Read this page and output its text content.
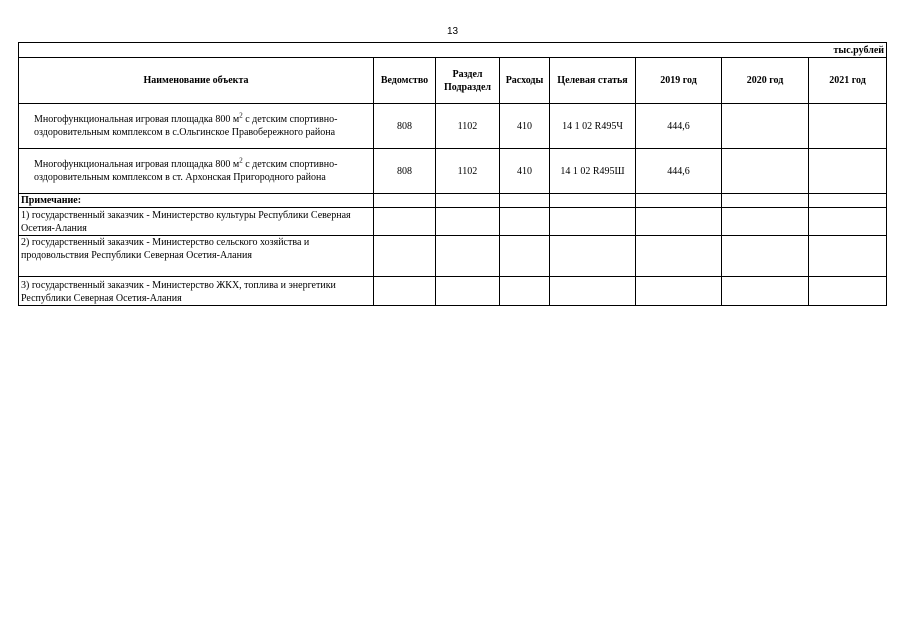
13
тыс.рублей							
Наименование объекта	Ведомство	Раздел Подраздел	Расходы	Целевая статья	2019 год	2020 год	2021 год
Многофункциональная игровая площадка 800 $м^2$ с детским спортивно-оздоровительным комплексом в с.Ольгинское Правобережного района	808	1102	410	14 1 02 R495Ч	444,6		
Многофункциональная игровая площадка 800 $м^2$ с детским спортивно-оздоровительным комплексом в ст. Архонская Пригородного района	808	1102	410	14 1 02 R495Ш	444,6		
Примечание:							
1) государственный заказчик - Министерство культуры Республики Северная Осетия-Алания							
2) государственный заказчик - Министерство сельского хозяйства и продовольствия Республики Северная Осетия-Алания							
3) государственный заказчик - Министерство ЖКХ, топлива и энергетики Республики Северная Осетия-Алания							
